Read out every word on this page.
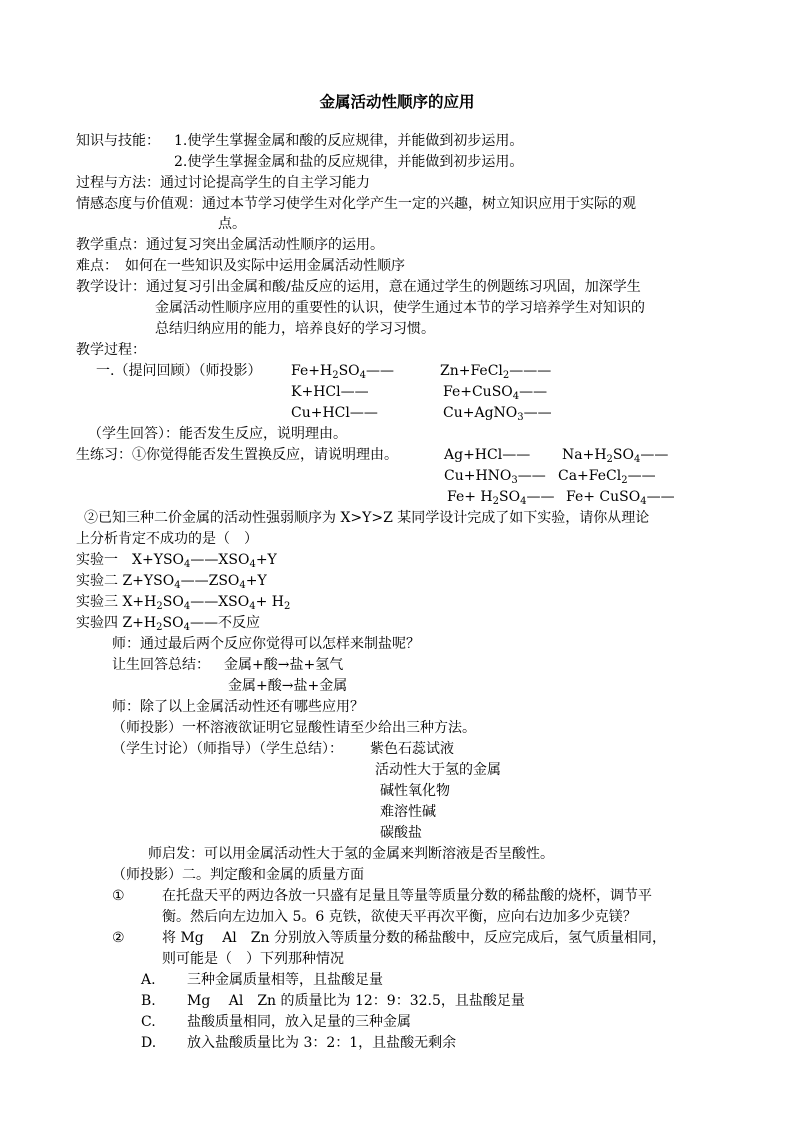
金属活动性顺序的应用
知识与技能： 1.使学生掌握金属和酸的反应规律，并能做到初步运用。
2.使学生掌握金属和盐的反应规律，并能做到初步运用。
过程与方法：通过讨论提高学生的自主学习能力
情感态度与价值观：通过本节学习使学生对化学产生一定的兴趣，树立知识应用于实际的观
点。
教学重点：通过复习突出金属活动性顺序的运用。
难点：　如何在一些知识及实际中运用金属活动性顺序
教学设计：通过复习引出金属和酸/盐反应的运用，意在通过学生的例题练习巩固，加深学生
金属活动性顺序应用的重要性的认识，使学生通过本节的学习培养学生对知识的
总结归纳应用的能力，培养良好的学习习惯。
教学过程：
一.（提问回顾）（师投影） $Fe+H_2SO_4——$	Zn+FeCl$_2$———
K+HCl——	Fe+CuSO$_4$——
Cu+HCl——	Cu+AgNO$_3$——
（学生回答）：能否发生反应，说明理由。
生练习：①你觉得能否发生置换反应，请说明理由。	Ag+HCl—— $Na+H_2SO_4——$
$Cu+HNO_3——$ Ca+FeCl$_2$——
$Fe+ H_2SO_4——$ Fe+ CuSO$_4$——
②已知三种二价金属的活动性强弱顺序为 X>Y>Z 某同学设计完成了如下实验，请你从理论
上分析肯定不成功的是（　）
实验一　$X+YSO_4——XSO_4+Y$
实验二 $Z+YSO_4——ZSO_4+Y$
实验三 $X+H_2SO_4——XSO_4+ H_2$
实验四 $Z+H_2SO_4——$不反应
师：通过最后两个反应你觉得可以怎样来制盐呢？
让生回答总结： 金属+酸→盐+氢气
金属+酸→盐+金属
师：除了以上金属活动性还有哪些应用？
（师投影）一杯溶液欲证明它显酸性请至少给出三种方法。
（学生讨论）（师指导）（学生总结）： 紫色石蕊试液
活动性大于氢的金属
碱性氧化物
难溶性碱
碳酸盐
师启发：可以用金属活动性大于氢的金属来判断溶液是否呈酸性。
（师投影）二。判定酸和金属的质量方面
①	在托盘天平的两边各放一只盛有足量且等量等质量分数的稀盐酸的烧杯，调节平
衡。然后向左边加入 5。6 克铁，欲使天平再次平衡，应向右边加多少克镁？
②	将 Mg　 Al　Zn 分别放入等质量分数的稀盐酸中，反应完成后，氢气质量相同，
则可能是（　）下列那种情况
A. 三种金属质量相等，且盐酸足量
B. Mg　 Al　Zn 的质量比为 12：9：32.5，且盐酸足量
C. 盐酸质量相同，放入足量的三种金属
D. 放入盐酸质量比为 3：2：1，且盐酸无剩余
